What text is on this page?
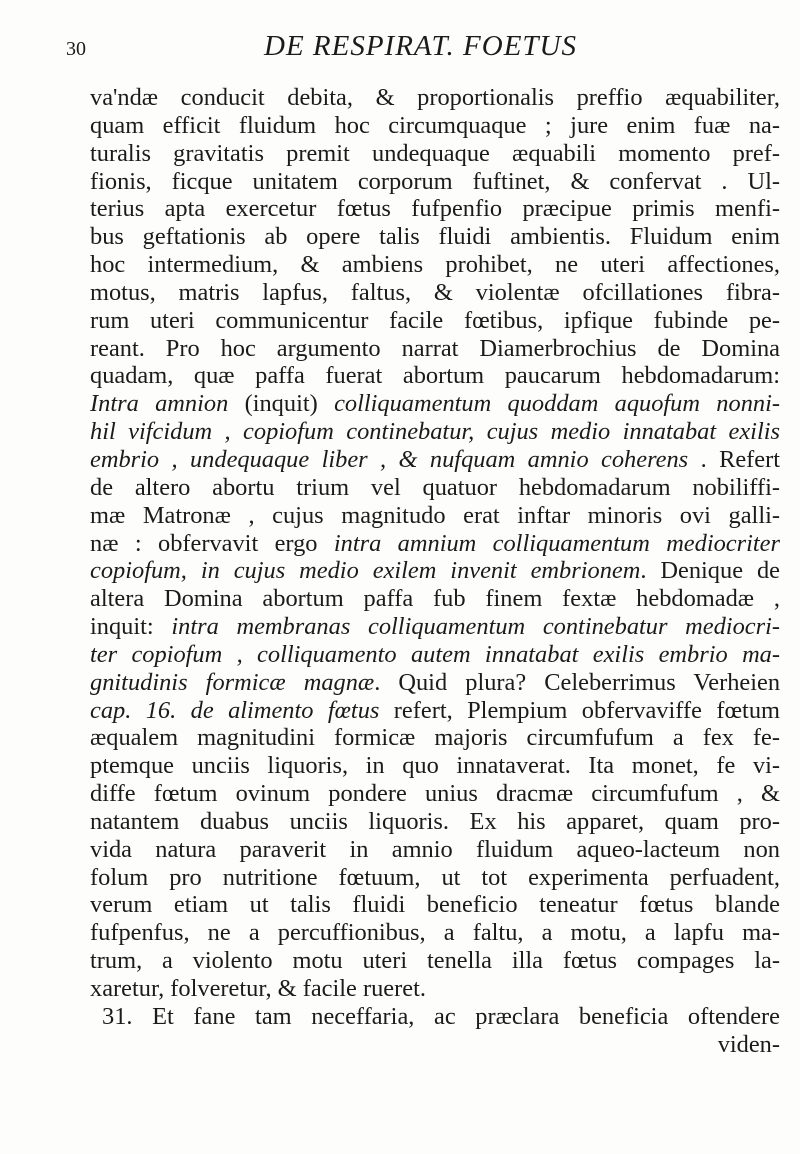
30	DE RESPIRAT. FOETUS
va'ndæ conducit debita, & proportionalis preffio æquabiliter,
quam efficit fluidum hoc circumquaque ; jure enim fuæ na-
turalis gravitatis premit undequaque æquabili momento pref-
fionis, ficque unitatem corporum fuftinet, & confervat . Ul-
terius apta exercetur fœtus fufpenfio præcipue primis menfi-
bus geftationis ab opere talis fluidi ambientis. Fluidum enim
hoc intermedium, & ambiens prohibet, ne uteri affectiones,
motus, matris lapfus, faltus, & violentæ ofcillationes fibra-
rum uteri communicentur facile fœtibus, ipfique fubinde pe-
reant. Pro hoc argumento narrat Diamerbrochius de Domina
quadam, quæ paffa fuerat abortum paucarum hebdomadarum:
Intra amnion (inquit) colliquamentum quoddam aquofum nonni-
hil vifcidum , copiofum continebatur, cujus medio innatabat exilis
embrio , undequaque liber , & nufquam amnio coherens . Refert
de altero abortu trium vel quatuor hebdomadarum nobiliffi-
mæ Matronæ , cujus magnitudo erat inftar minoris ovi galli-
næ : obfervavit ergo intra amnium colliquamentum mediocriter
copiofum, in cujus medio exilem invenit embrionem. Denique de
altera Domina abortum paffa fub finem fextæ hebdomadæ ,
inquit: intra membranas colliquamentum continebatur mediocri-
ter copiofum , colliquamento autem innatabat exilis embrio ma-
gnitudinis formicæ magnæ. Quid plura? Celeberrimus Verheien
cap. 16. de alimento fœtus refert, Plempium obfervaviffe fœtum
æqualem magnitudini formicæ majoris circumfufum a fex fe-
ptemque unciis liquoris, in quo innataverat. Ita monet, fe vi-
diffe fœtum ovinum pondere unius dracmæ circumfufum , &
natantem duabus unciis liquoris. Ex his apparet, quam pro-
vida natura paraverit in amnio fluidum aqueo-lacteum non
folum pro nutritione fœtuum, ut tot experimenta perfuadent,
verum etiam ut talis fluidi beneficio teneatur fœtus blande
fufpenfus, ne a percuffionibus, a faltu, a motu, a lapfu ma-
trum, a violento motu uteri tenella illa fœtus compages la-
xaretur, folveretur, & facile rueret.
31. Et fane tam neceffaria, ac præclara beneficia oftendere
viden-
